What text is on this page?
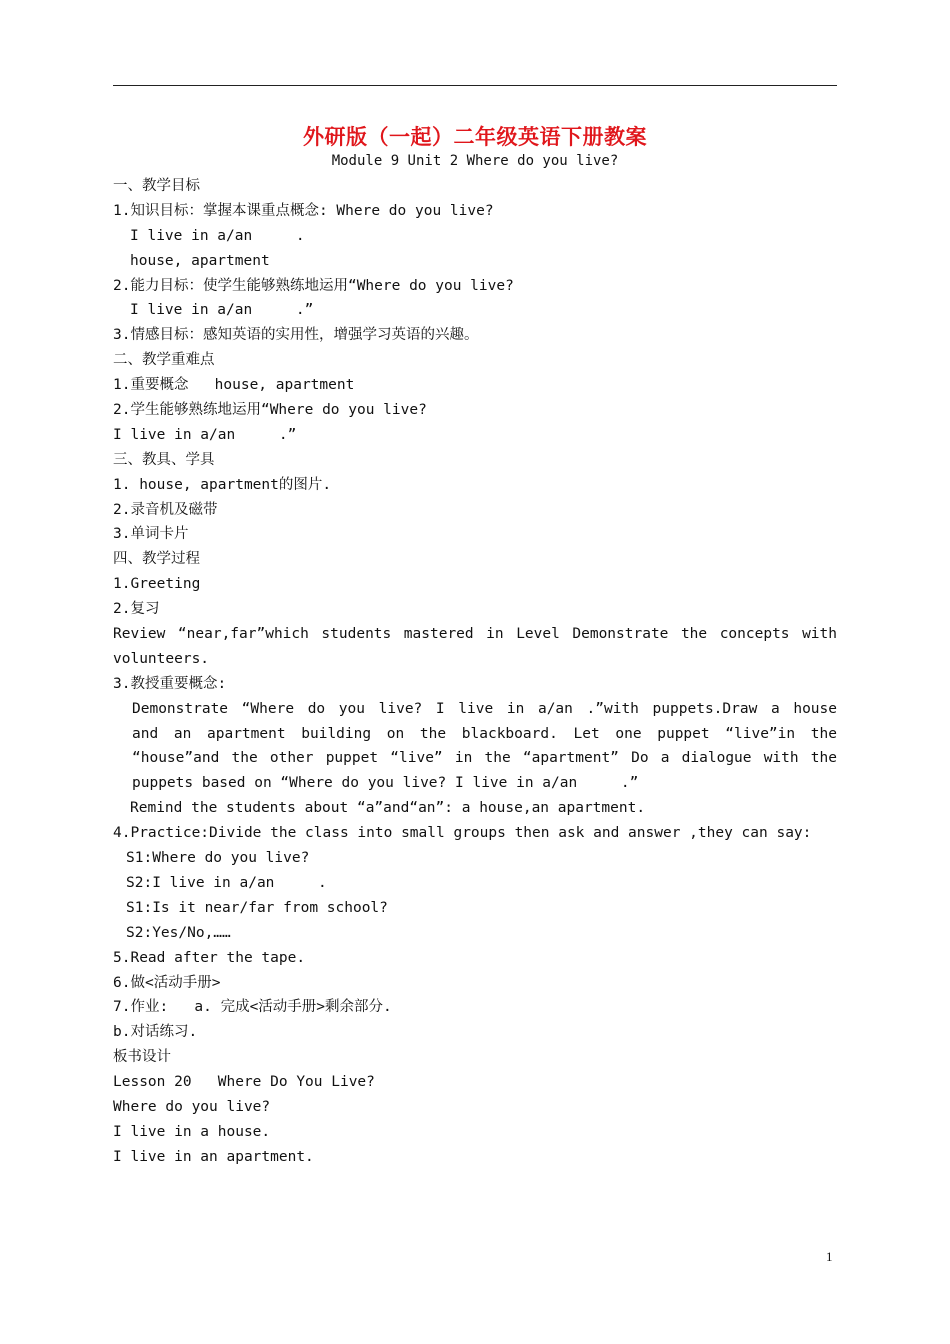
外研版（一起）二年级英语下册教案
Module 9 Unit 2 Where do you live?
一、教学目标
1.知识目标：掌握本课重点概念: Where do you live?
I live in a/an     .
house, apartment
2.能力目标：使学生能够熟练地运用“Where do you live?
I live in a/an     .”
3.情感目标：感知英语的实用性，增强学习英语的兴趣。
二、教学重难点
1.重要概念   house, apartment
2.学生能够熟练地运用“Where do you live?
I live in a/an     .”
三、教具、学具
1. house, apartment的图片.
2.录音机及磁带
3.单词卡片
四、教学过程
1.Greeting
2.复习
Review “near,far”which students mastered in Level Demonstrate the concepts with
volunteers.
3.教授重要概念:
Demonstrate “Where do you live? I live in a/an .”with puppets.Draw a house
and an apartment building on the blackboard. Let one puppet “live”in the
“house”and the other puppet “live” in the “apartment” Do a dialogue with the
puppets based on “Where do you live? I live in a/an     .”
Remind the students about “a”and“an”: a house,an apartment.
4.Practice:Divide the class into small groups then ask and answer ,they can say:
S1:Where do you live?
S2:I live in a/an     .
S1:Is it near/far from school?
S2:Yes/No,……
5.Read after the tape.
6.做<活动手册>
7.作业:   a. 完成<活动手册>剩余部分.
b.对话练习.
板书设计
Lesson 20   Where Do You Live?
Where do you live?
I live in a house.
I live in an apartment.
1
